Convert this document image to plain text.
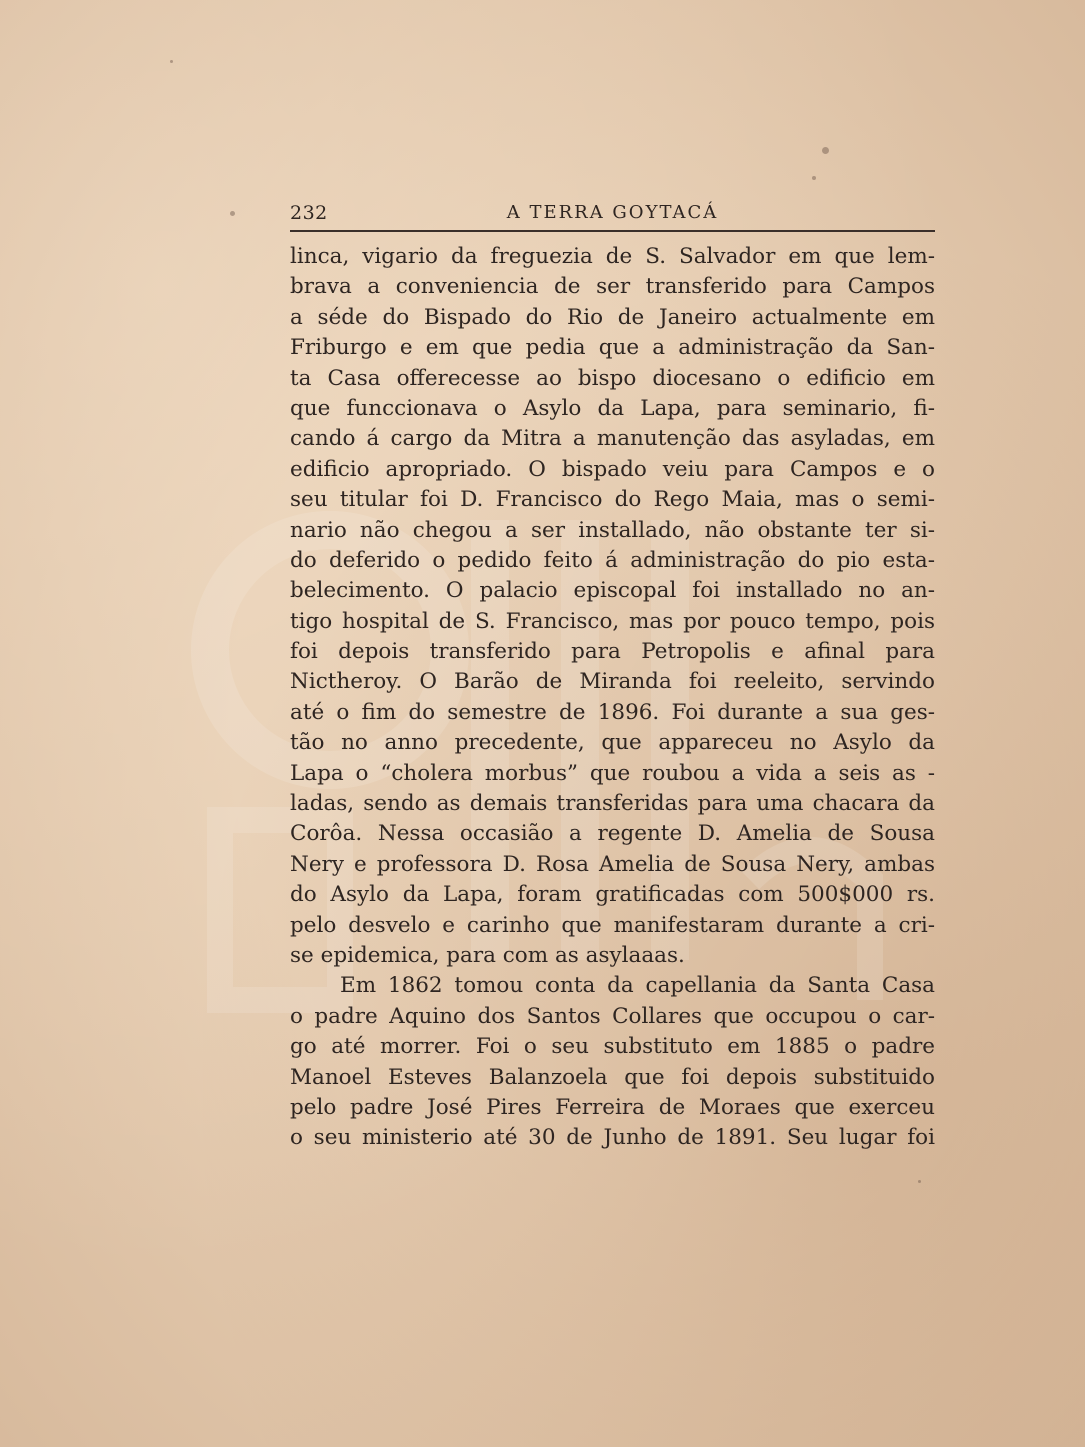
232	A TERRA GOYTACÁ
linca, vigario da freguezia de S. Salvador em que lem-
brava a conveniencia de ser transferido para Campos
a séde do Bispado do Rio de Janeiro actualmente em
Friburgo e em que pedia que a administração da San-
ta Casa offerecesse ao bispo diocesano o edificio em
que funccionava o Asylo da Lapa, para seminario, fi-
cando á cargo da Mitra a manutenção das asyladas, em
edificio apropriado. O bispado veiu para Campos e o
seu titular foi D. Francisco do Rego Maia, mas o semi-
nario não chegou a ser installado, não obstante ter si-
do deferido o pedido feito á administração do pio esta-
belecimento. O palacio episcopal foi installado no an-
tigo hospital de S. Francisco, mas por pouco tempo, pois
foi depois transferido para Petropolis e afinal para
Nictheroy. O Barão de Miranda foi reeleito, servindo
até o fim do semestre de 1896. Foi durante a sua ges-
tão no anno precedente, que appareceu no Asylo da
Lapa o “cholera morbus” que roubou a vida a seis as -
ladas, sendo as demais transferidas para uma chacara da
Corôa. Nessa occasião a regente D. Amelia de Sousa
Nery e professora D. Rosa Amelia de Sousa Nery, ambas
do Asylo da Lapa, foram gratificadas com 500$000 rs.
pelo desvelo e carinho que manifestaram durante a cri-
se epidemica, para com as asylaaas.
Em 1862 tomou conta da capellania da Santa Casa
o padre Aquino dos Santos Collares que occupou o car-
go até morrer. Foi o seu substituto em 1885 o padre
Manoel Esteves Balanzoela que foi depois substituido
pelo padre José Pires Ferreira de Moraes que exerceu
o seu ministerio até 30 de Junho de 1891. Seu lugar foi
